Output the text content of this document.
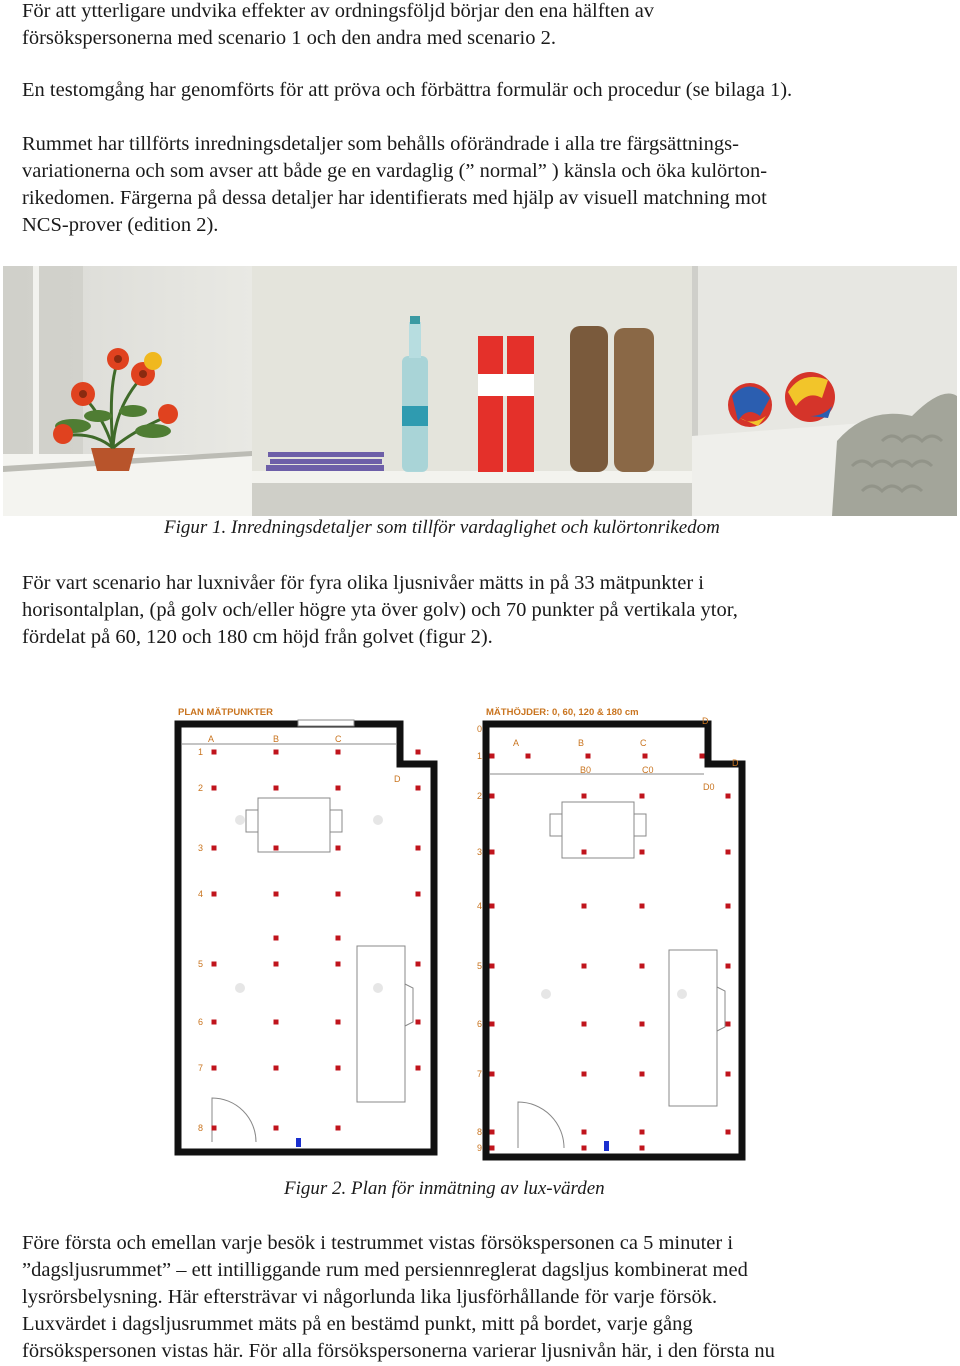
För att ytterligare undvika effekter av ordningsföljd börjar den ena hälften av
försökspersonerna med scenario 1 och den andra med scenario 2.
En testomgång har genomförts för att pröva och förbättra formulär och procedur (se bilaga 1).
Rummet har tillförts inredningsdetaljer som behålls oförändrade i alla tre färgsättnings-
variationerna och som avser att både ge en vardaglig (” normal” ) känsla och öka kulörton-
rikedomen. Färgerna på dessa detaljer har identifierats med hjälp av visuell matchning mot
NCS-prover (edition 2).
Figur 1. Inredningsdetaljer som tillför vardaglighet och kulörtonrikedom
För vart scenario har luxnivåer för fyra olika ljusnivåer mätts in på 33 mätpunkter i
horisontalplan, (på golv och/eller högre yta över golv) och 70 punkter på vertikala ytor,
fördelat på 60, 120 och 180 cm höjd från golvet (figur 2).
PLAN MÄTPUNKTER
A	B	C
D
1
2
3
4
5
6
7
8
MÄTHÖJDER: 0, 60, 120 & 180 cm
A	B	C
D
D
B0	C0
D0
0
1
2
3
4
5
6
7
8
9
Figur 2. Plan för inmätning av lux-värden
Före första och emellan varje besök i testrummet vistas försökspersonen ca 5 minuter i
”dagsljusrummet” – ett intilliggande rum med persiennreglerat dagsljus kombinerat med
lysrörsbelysning. Här eftersträvar vi någorlunda lika ljusförhållande för varje försök.
Luxvärdet i dagsljusrummet mäts på en bestämd punkt, mitt på bordet, varje gång
försökspersonen vistas här. För alla försökspersonerna varierar ljusnivån här, i den första nu
